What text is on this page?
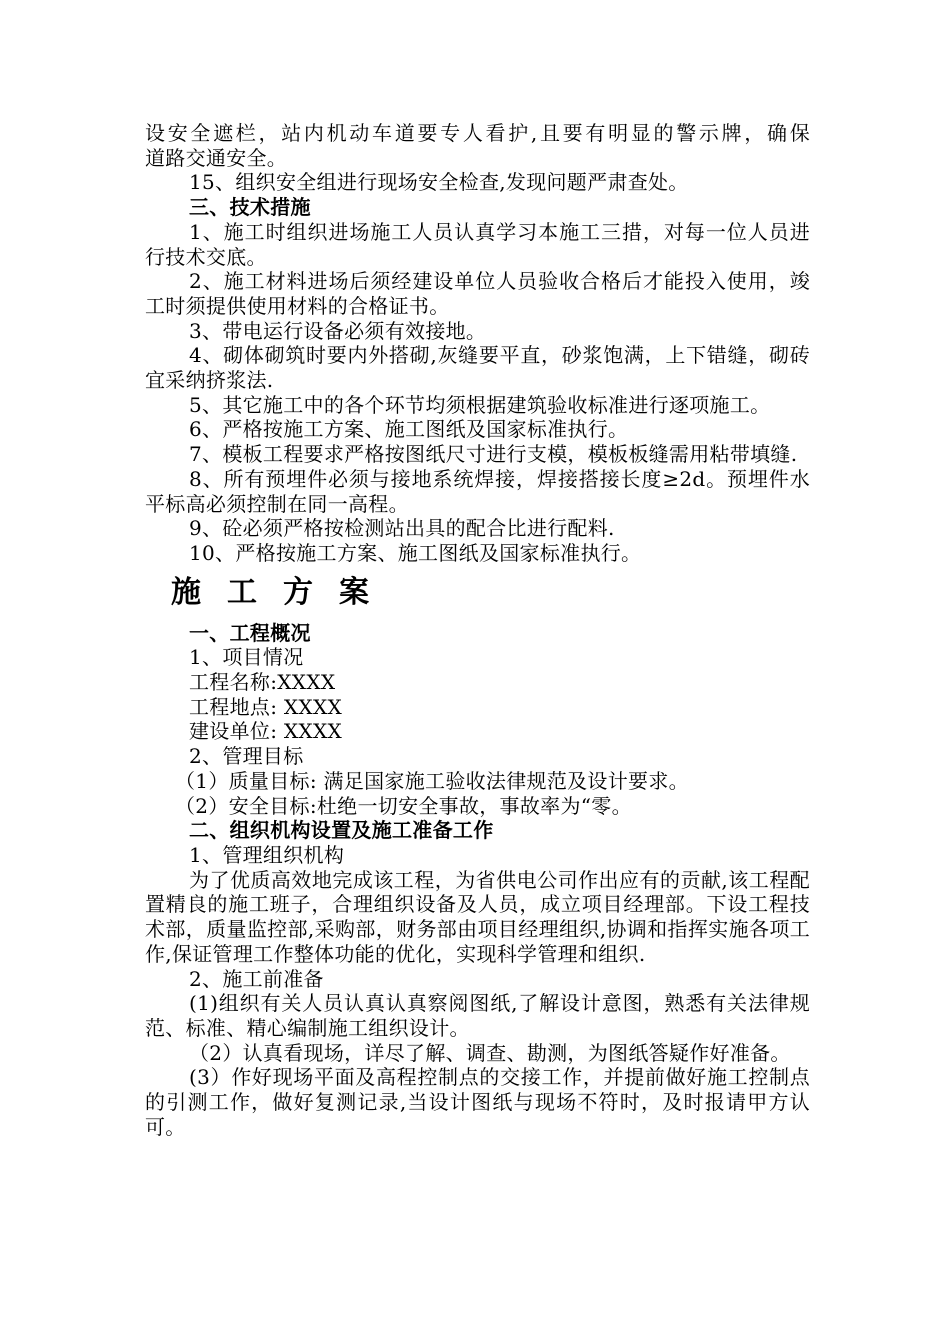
设安全遮栏，站内机动车道要专人看护,且要有明显的警示牌，确保

道路交通安全。

15、组织安全组进行现场安全检查,发现问题严肃查处。

三、技术措施

1、施工时组织进场施工人员认真学习本施工三措，对每一位人员进行技术交底。

2、施工材料进场后须经建设单位人员验收合格后才能投入使用，竣工时须提供使用材料的合格证书。

3、带电运行设备必须有效接地。

4、砌体砌筑时要内外搭砌,灰缝要平直，砂浆饱满，上下错缝，砌砖宜采纳挤浆法.

5、其它施工中的各个环节均须根据建筑验收标准进行逐项施工。

6、严格按施工方案、施工图纸及国家标准执行。

7、模板工程要求严格按图纸尺寸进行支模，模板板缝需用粘带填缝.

8、所有预埋件必须与接地系统焊接，焊接搭接长度≥2d。预埋件水平标高必须控制在同一高程。

9、砼必须严格按检测站出具的配合比进行配料.

10、严格按施工方案、施工图纸及国家标准执行。

施工方案

一、工程概况

1、项目情况

工程名称:XXXX

工程地点: XXXX

建设单位: XXXX

2、管理目标

（1）质量目标: 满足国家施工验收法律规范及设计要求。

（2）安全目标:杜绝一切安全事故，事故率为“零。

二、组织机构设置及施工准备工作

1、管理组织机构

为了优质高效地完成该工程，为省供电公司作出应有的贡献,该工程配置精良的施工班子，合理组织设备及人员，成立项目经理部。下设工程技术部，质量监控部,采购部，财务部由项目经理组织,协调和指挥实施各项工作,保证管理工作整体功能的优化，实现科学管理和组织.

2、施工前准备

(1)组织有关人员认真认真察阅图纸,了解设计意图，熟悉有关法律规范、标准、精心编制施工组织设计。

（2）认真看现场，详尽了解、调查、勘测，为图纸答疑作好准备。

(3）作好现场平面及高程控制点的交接工作，并提前做好施工控制点的引测工作，做好复测记录,当设计图纸与现场不符时，及时报请甲方认可。
